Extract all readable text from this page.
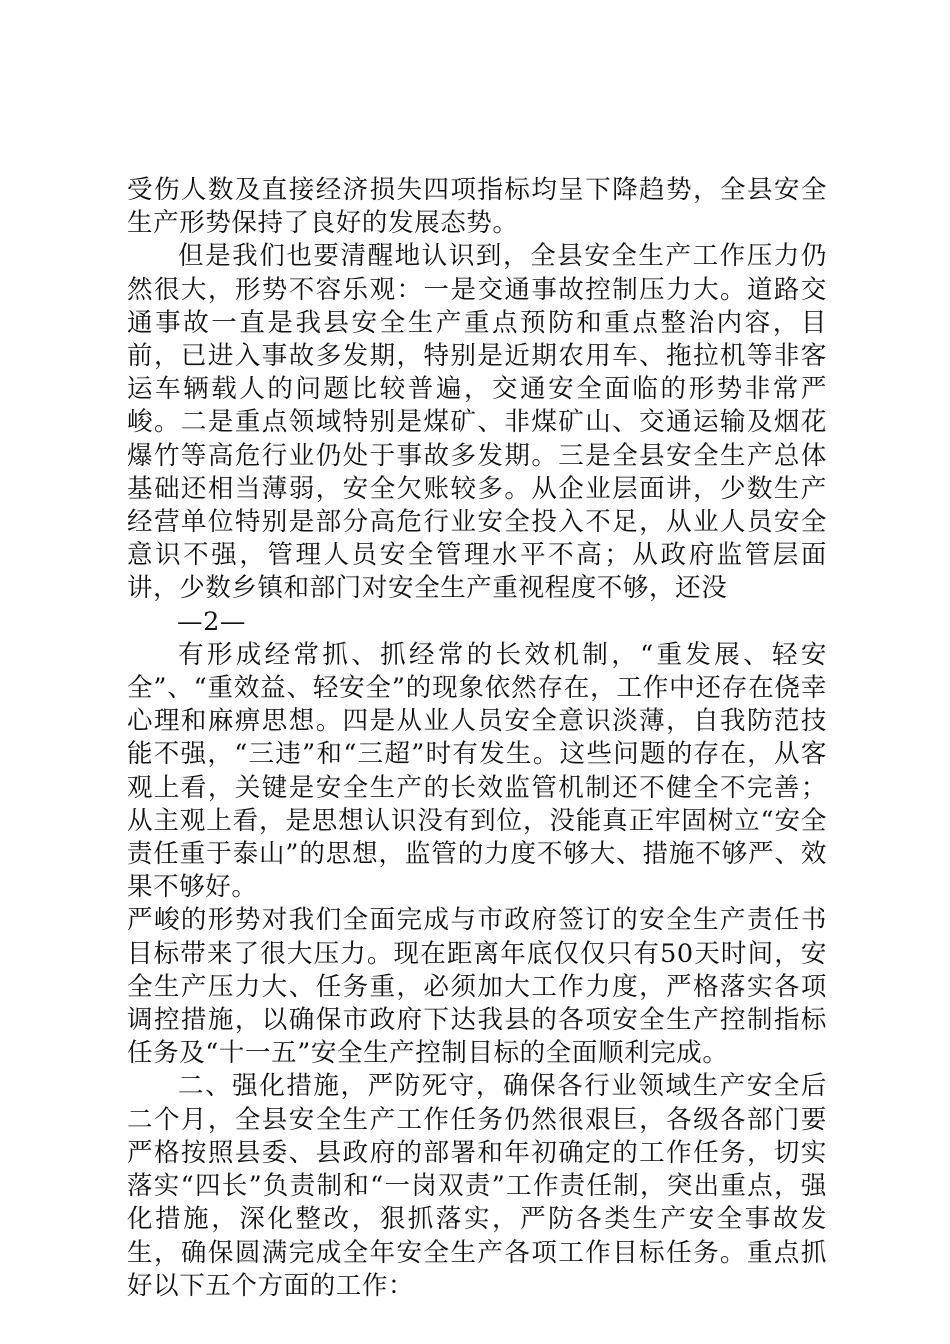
受伤人数及直接经济损失四项指标均呈下降趋势，全县安全生产形势保持了良好的发展态势。

但是我们也要清醒地认识到，全县安全生产工作压力仍然很大，形势不容乐观：一是交通事故控制压力大。道路交通事故一直是我县安全生产重点预防和重点整治内容，目前，已进入事故多发期，特别是近期农用车、拖拉机等非客运车辆载人的问题比较普遍，交通安全面临的形势非常严峻。二是重点领域特别是煤矿、非煤矿山、交通运输及烟花爆竹等高危行业仍处于事故多发期。三是全县安全生产总体基础还相当薄弱，安全欠账较多。从企业层面讲，少数生产经营单位特别是部分高危行业安全投入不足，从业人员安全意识不强，管理人员安全管理水平不高；从政府监管层面讲，少数乡镇和部门对安全生产重视程度不够，还没

—2—

有形成经常抓、抓经常的长效机制，“重发展、轻安全”、“重效益、轻安全”的现象依然存在，工作中还存在侥幸心理和麻痹思想。四是从业人员安全意识淡薄，自我防范技能不强，“三违”和“三超”时有发生。这些问题的存在，从客观上看，关键是安全生产的长效监管机制还不健全不完善；从主观上看，是思想认识没有到位，没能真正牢固树立“安全责任重于泰山”的思想，监管的力度不够大、措施不够严、效果不够好。

严峻的形势对我们全面完成与市政府签订的安全生产责任书目标带来了很大压力。现在距离年底仅仅只有50天时间，安全生产压力大、任务重，必须加大工作力度，严格落实各项调控措施，以确保市政府下达我县的各项安全生产控制指标任务及“十一五”安全生产控制目标的全面顺利完成。

二、强化措施，严防死守，确保各行业领域生产安全后二个月，全县安全生产工作任务仍然很艰巨，各级各部门要严格按照县委、县政府的部署和年初确定的工作任务，切实落实“四长”负责制和“一岗双责”工作责任制，突出重点，强化措施，深化整改，狠抓落实，严防各类生产安全事故发生，确保圆满完成全年安全生产各项工作目标任务。重点抓好以下五个方面的工作：
